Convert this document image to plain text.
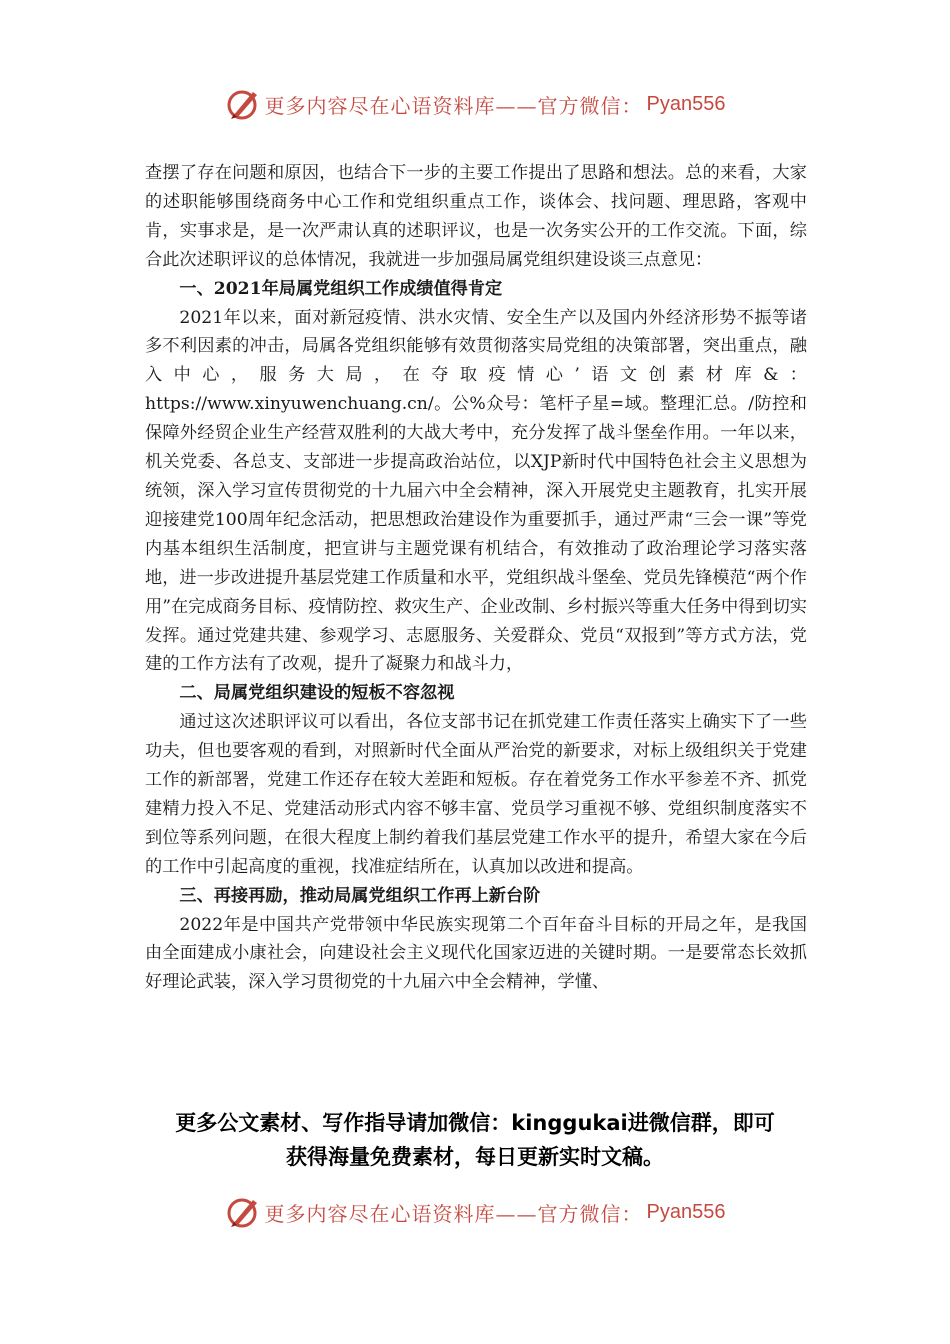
更多内容尽在心语资料库——官方微信： Pyan556

查摆了存在问题和原因，也结合下一步的主要工作提出了思路和想法。总的来看，大家的述职能够围绕商务中心工作和党组织重点工作，谈体会、找问题、理思路，客观中肯，实事求是，是一次严肃认真的述职评议，也是一次务实公开的工作交流。下面，综合此次述职评议的总体情况，我就进一步加强局属党组织建设谈三点意见：

一、2021年局属党组织工作成绩值得肯定

2021年以来，面对新冠疫情、洪水灾情、安全生产以及国内外经济形势不振等诸多不利因素的冲击，局属各党组织能够有效贯彻落实局党组的决策部署，突出重点，融入中心，服务大局，在夺取疫情心’语文创素材库&：https://www.xinyuwenchuang.cn/。公%众号：笔杆子星=域。整理汇总。/防控和保障外经贸企业生产经营双胜利的大战大考中，充分发挥了战斗堡垒作用。一年以来，机关党委、各总支、支部进一步提高政治站位，以XJP新时代中国特色社会主义思想为统领，深入学习宣传贯彻党的十九届六中全会精神，深入开展党史主题教育，扎实开展迎接建党100周年纪念活动，把思想政治建设作为重要抓手，通过严肃“三会一课”等党内基本组织生活制度，把宣讲与主题党课有机结合，有效推动了政治理论学习落实落地，进一步改进提升基层党建工作质量和水平，党组织战斗堡垒、党员先锋模范“两个作用”在完成商务目标、疫情防控、救灾生产、企业改制、乡村振兴等重大任务中得到切实发挥。通过党建共建、参观学习、志愿服务、关爱群众、党员“双报到”等方式方法，党建的工作方法有了改观，提升了凝聚力和战斗力，

二、局属党组织建设的短板不容忽视

通过这次述职评议可以看出，各位支部书记在抓党建工作责任落实上确实下了一些功夫，但也要客观的看到，对照新时代全面从严治党的新要求，对标上级组织关于党建工作的新部署，党建工作还存在较大差距和短板。存在着党务工作水平参差不齐、抓党建精力投入不足、党建活动形式内容不够丰富、党员学习重视不够、党组织制度落实不到位等系列问题，在很大程度上制约着我们基层党建工作水平的提升，希望大家在今后的工作中引起高度的重视，找准症结所在，认真加以改进和提高。

三、再接再励，推动局属党组织工作再上新台阶

2022年是中国共产党带领中华民族实现第二个百年奋斗目标的开局之年，是我国由全面建成小康社会，向建设社会主义现代化国家迈进的关键时期。一是要常态长效抓好理论武装，深入学习贯彻党的十九届六中全会精神，学懂、

更多公文素材、写作指导请加微信：kinggukai进微信群，即可
获得海量免费素材，每日更新实时文稿。
更多内容尽在心语资料库——官方微信： Pyan556
